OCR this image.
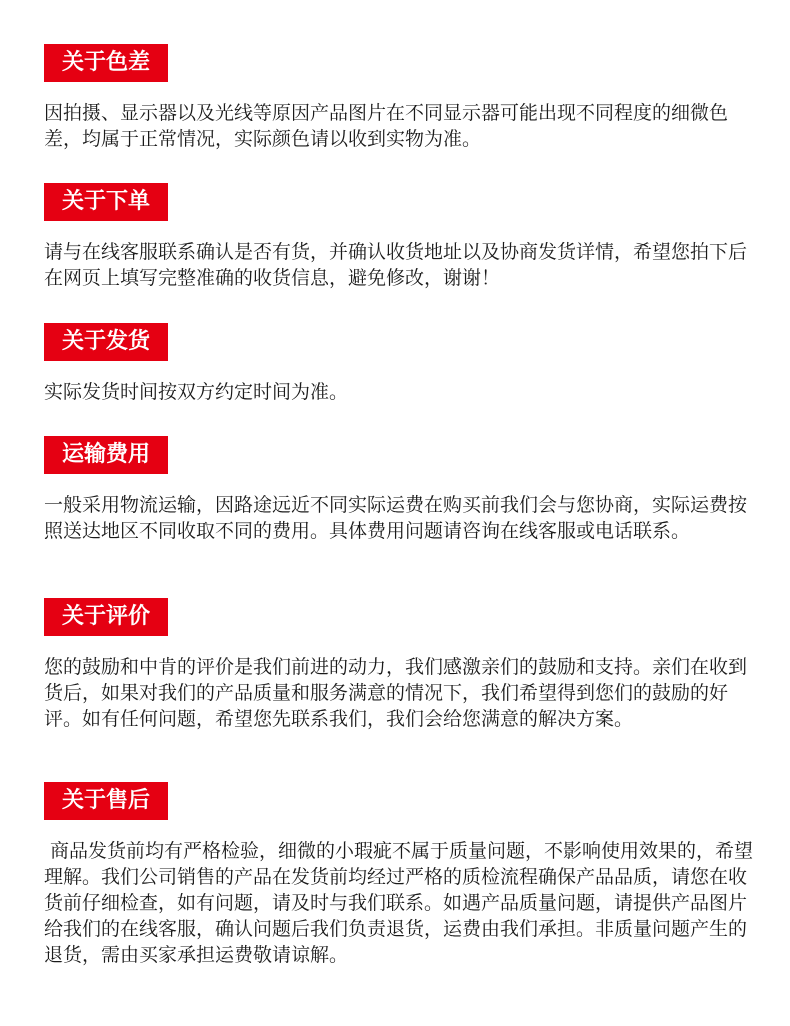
关于色差
因拍摄、显示器以及光线等原因产品图片在不同显示器可能出现不同程度的细微色差，均属于正常情况，实际颜色请以收到实物为准。
关于下单
请与在线客服联系确认是否有货，并确认收货地址以及协商发货详情，希望您拍下后在网页上填写完整准确的收货信息，避免修改，谢谢！
关于发货
实际发货时间按双方约定时间为准。
运输费用
一般采用物流运输，因路途远近不同实际运费在购买前我们会与您协商，实际运费按照送达地区不同收取不同的费用。具体费用问题请咨询在线客服或电话联系。
关于评价
您的鼓励和中肯的评价是我们前进的动力，我们感激亲们的鼓励和支持。亲们在收到货后，如果对我们的产品质量和服务满意的情况下，我们希望得到您们的鼓励的好评。如有任何问题，希望您先联系我们，我们会给您满意的解决方案。
关于售后
商品发货前均有严格检验，细微的小瑕疵不属于质量问题，不影响使用效果的，希望理解。我们公司销售的产品在发货前均经过严格的质检流程确保产品品质，请您在收货前仔细检查，如有问题，请及时与我们联系。如遇产品质量问题，请提供产品图片给我们的在线客服，确认问题后我们负责退货，运费由我们承担。非质量问题产生的退货，需由买家承担运费敬请谅解。
